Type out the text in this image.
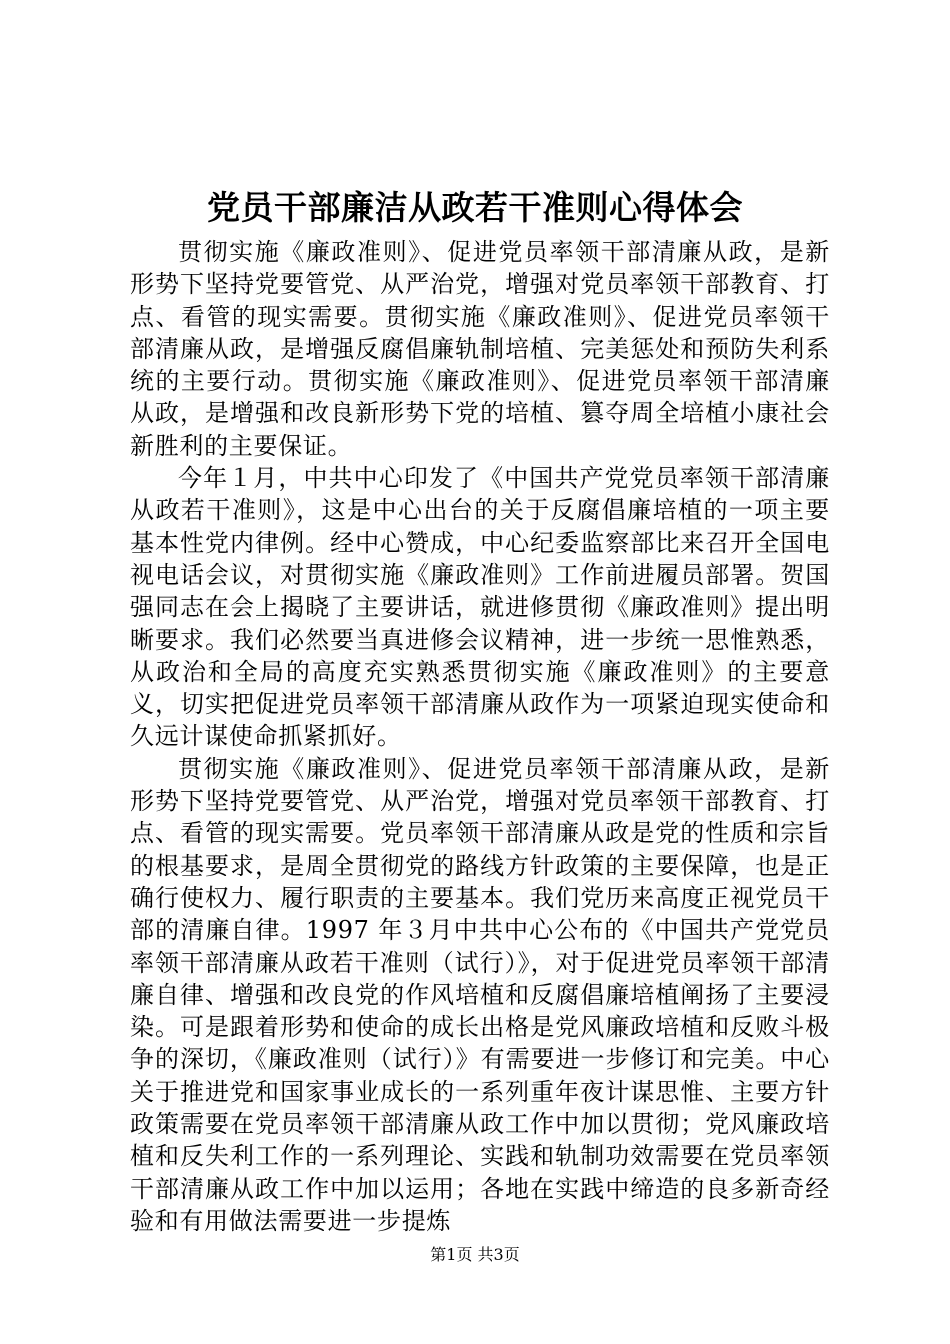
党员干部廉洁从政若干准则心得体会

贯彻实施《廉政准则》、促进党员率领干部清廉从政，是新形势下坚持党要管党、从严治党，增强对党员率领干部教育、打点、看管的现实需要。贯彻实施《廉政准则》、促进党员率领干部清廉从政，是增强反腐倡廉轨制培植、完美惩处和预防失利系统的主要行动。贯彻实施《廉政准则》、促进党员率领干部清廉从政，是增强和改良新形势下党的培植、篡夺周全培植小康社会新胜利的主要保证。

今年１月，中共中心印发了《中国共产党党员率领干部清廉从政若干准则》，这是中心出台的关于反腐倡廉培植的一项主要基本性党内律例。经中心赞成，中心纪委监察部比来召开全国电视电话会议，对贯彻实施《廉政准则》工作前进履员部署。贺国强同志在会上揭晓了主要讲话，就进修贯彻《廉政准则》提出明晰要求。我们必然要当真进修会议精神，进一步统一思惟熟悉，从政治和全局的高度充实熟悉贯彻实施《廉政准则》的主要意义，切实把促进党员率领干部清廉从政作为一项紧迫现实使命和久远计谋使命抓紧抓好。

贯彻实施《廉政准则》、促进党员率领干部清廉从政，是新形势下坚持党要管党、从严治党，增强对党员率领干部教育、打点、看管的现实需要。党员率领干部清廉从政是党的性质和宗旨的根基要求，是周全贯彻党的路线方针政策的主要保障，也是正确行使权力、履行职责的主要基本。我们党历来高度正视党员干部的清廉自律。1997 年３月中共中心公布的《中国共产党党员率领干部清廉从政若干准则（试行）》，对于促进党员率领干部清廉自律、增强和改良党的作风培植和反腐倡廉培植阐扬了主要浸染。可是跟着形势和使命的成长出格是党风廉政培植和反败斗极争的深切，《廉政准则（试行）》有需要进一步修订和完美。中心关于推进党和国家事业成长的一系列重年夜计谋思惟、主要方针政策需要在党员率领干部清廉从政工作中加以贯彻；党风廉政培植和反失利工作的一系列理论、实践和轨制功效需要在党员率领干部清廉从政工作中加以运用；各地在实践中缔造的良多新奇经验和有用做法需要进一步提炼

第1页 共3页
